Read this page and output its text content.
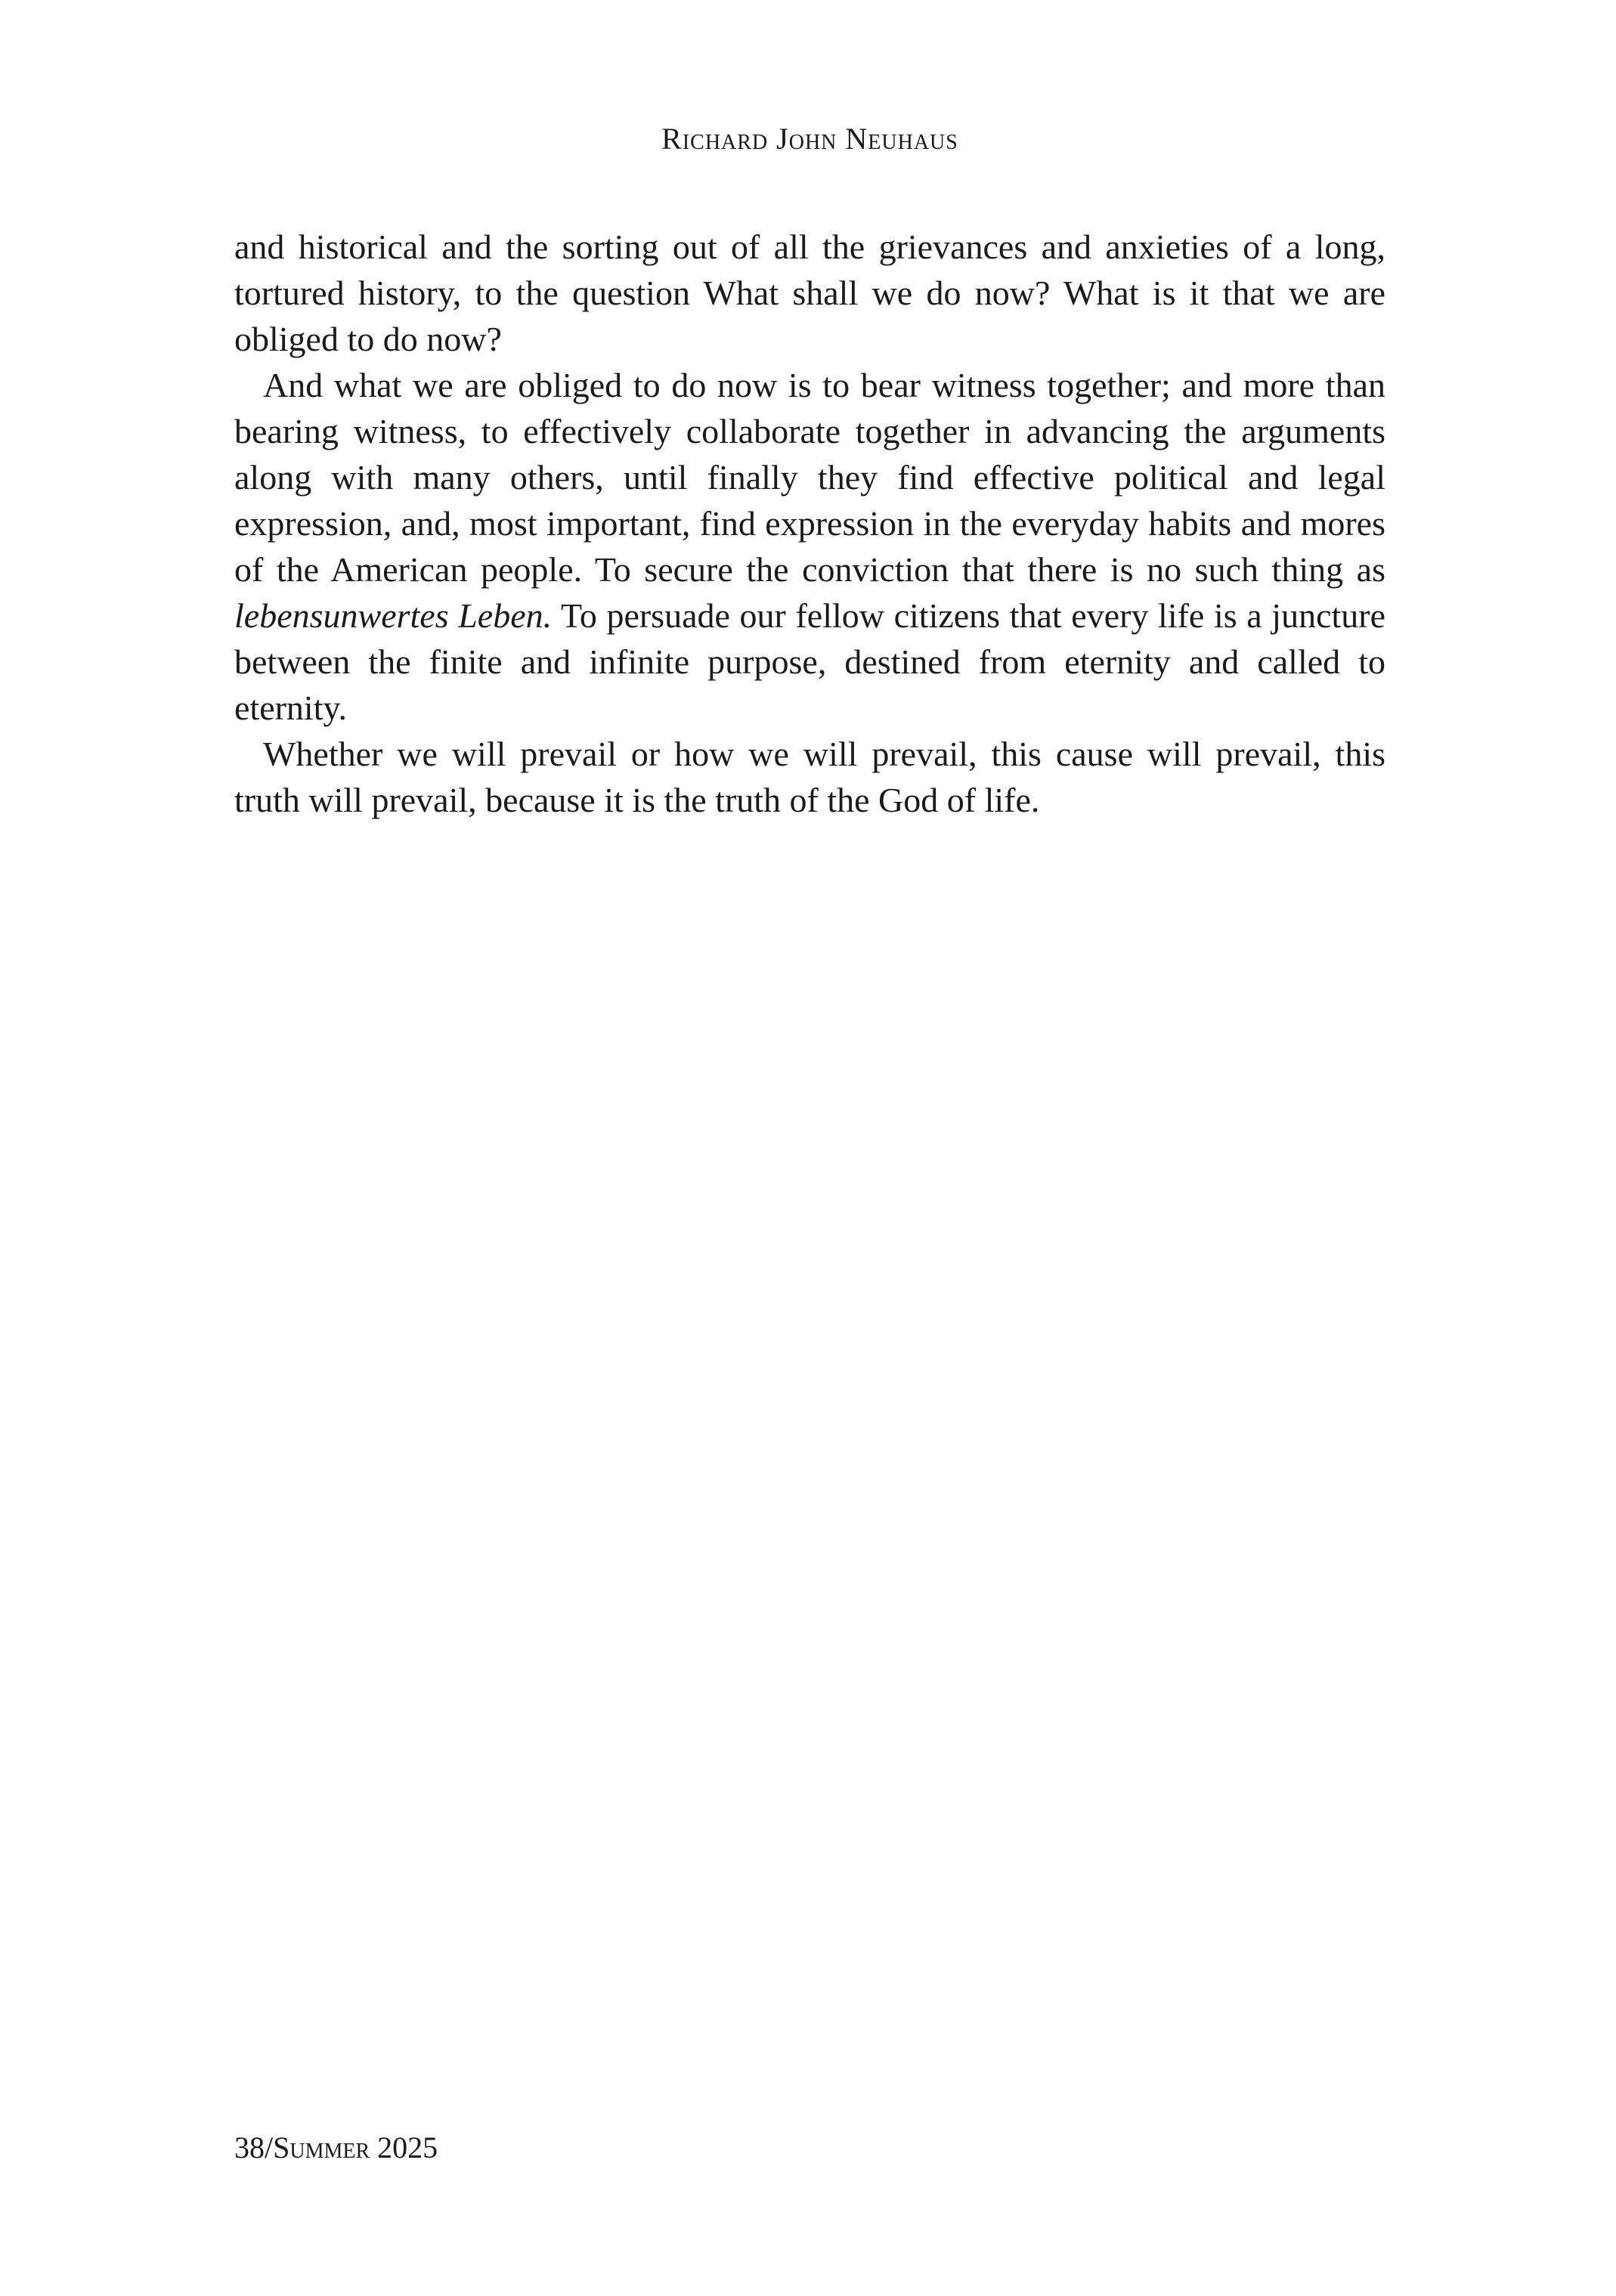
Richard John Neuhaus

and historical and the sorting out of all the grievances and anxieties of a long, tortured history, to the question What shall we do now? What is it that we are obliged to do now?

And what we are obliged to do now is to bear witness together; and more than bearing witness, to effectively collaborate together in advancing the arguments along with many others, until finally they find effective political and legal expression, and, most important, find expression in the everyday habits and mores of the American people. To secure the conviction that there is no such thing as lebensunwertes Leben. To persuade our fellow citizens that every life is a juncture between the finite and infinite purpose, destined from eternity and called to eternity.

Whether we will prevail or how we will prevail, this cause will prevail, this truth will prevail, because it is the truth of the God of life.

38/Summer 2025
